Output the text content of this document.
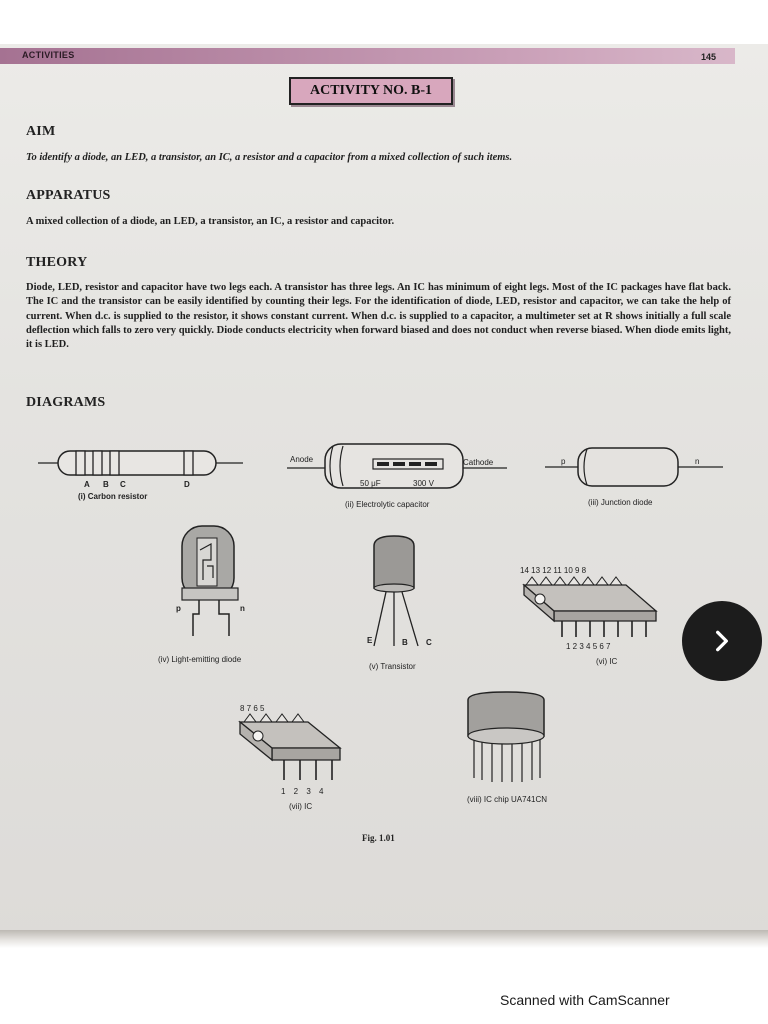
ACTIVITIES	145
ACTIVITY NO. B-1
AIM
To identify a diode, an LED, a transistor, an IC, a resistor and a capacitor from a mixed collection of such items.
APPARATUS
A mixed collection of a diode, an LED, a transistor, an IC, a resistor and capacitor.
THEORY
Diode, LED, resistor and capacitor have two legs each. A transistor has three legs. An IC has minimum of eight legs. Most of the IC packages have flat back. The IC and the transistor can be easily identified by counting their legs. For the identification of diode, LED, resistor and capacitor, we can take the help of current. When d.c. is supplied to the resistor, it shows constant current. When d.c. is supplied to a capacitor, a multimeter set at R shows initially a full scale deflection which falls to zero very quickly. Diode conducts electricity when forward biased and does not conduct when reverse biased. When diode emits light, it is LED.
DIAGRAMS
A B C	D
(i) Carbon resistor
Anode	Cathode
50 μF	300 V
(ii) Electrolytic capacitor
p	n
(iii) Junction diode
p	n
(iv) Light-emitting diode
E	B C
(v) Transistor
14 13 12 11 10 9 8
1 2 3 4 5 6 7
(vi) IC
8 7 6 5
1 2 3 4
(vii) IC
(viii) IC chip UA741CN
Fig. 1.01
Scanned with CamScanner
